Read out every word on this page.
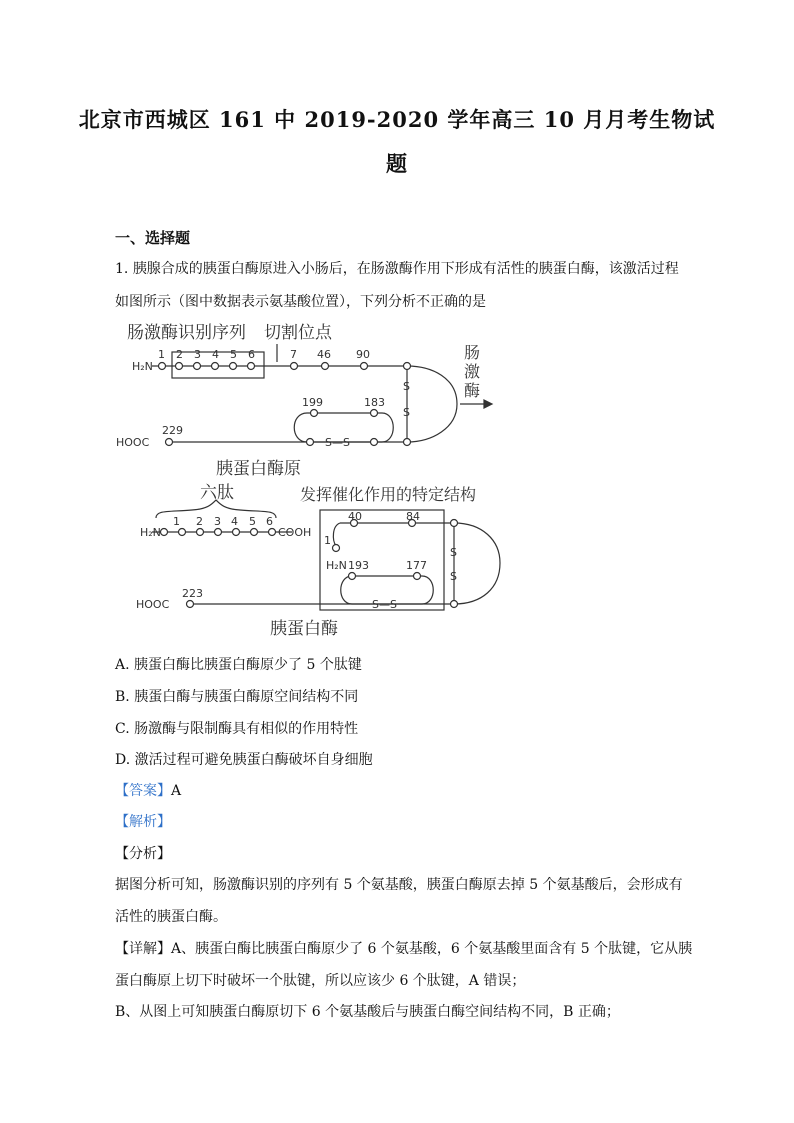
北京市西城区 161 中 2019-2020 学年高三 10 月月考生物试
题
一、选择题
1. 胰腺合成的胰蛋白酶原进入小肠后，在肠激酶作用下形成有活性的胰蛋白酶，该激活过程
如图所示（图中数据表示氨基酸位置），下列分析不正确的是
肠激酶识别序列 切割位点
H₂N
1 2 3 4 5 6	7 46 90
199	183
229
HOOC
S
S
S—S
肠
激
酶
胰蛋白酶原
六肽	发挥催化作用的特定结构
H₂N
1 2 3 4 5 6
COOH
40	84
1
H₂N 193	177
223
HOOC
S
S
S—S
胰蛋白酶
A. 胰蛋白酶比胰蛋白酶原少了 5 个肽键
B. 胰蛋白酶与胰蛋白酶原空间结构不同
C. 肠激酶与限制酶具有相似的作用特性
D. 激活过程可避免胰蛋白酶破坏自身细胞
【答案】A
【解析】
【分析】
据图分析可知，肠激酶识别的序列有 5 个氨基酸，胰蛋白酶原去掉 5 个氨基酸后，会形成有
活性的胰蛋白酶。
【详解】A、胰蛋白酶比胰蛋白酶原少了 6 个氨基酸，6 个氨基酸里面含有 5 个肽键，它从胰
蛋白酶原上切下时破坏一个肽键，所以应该少 6 个肽键，A 错误；
B、从图上可知胰蛋白酶原切下 6 个氨基酸后与胰蛋白酶空间结构不同，B 正确；
